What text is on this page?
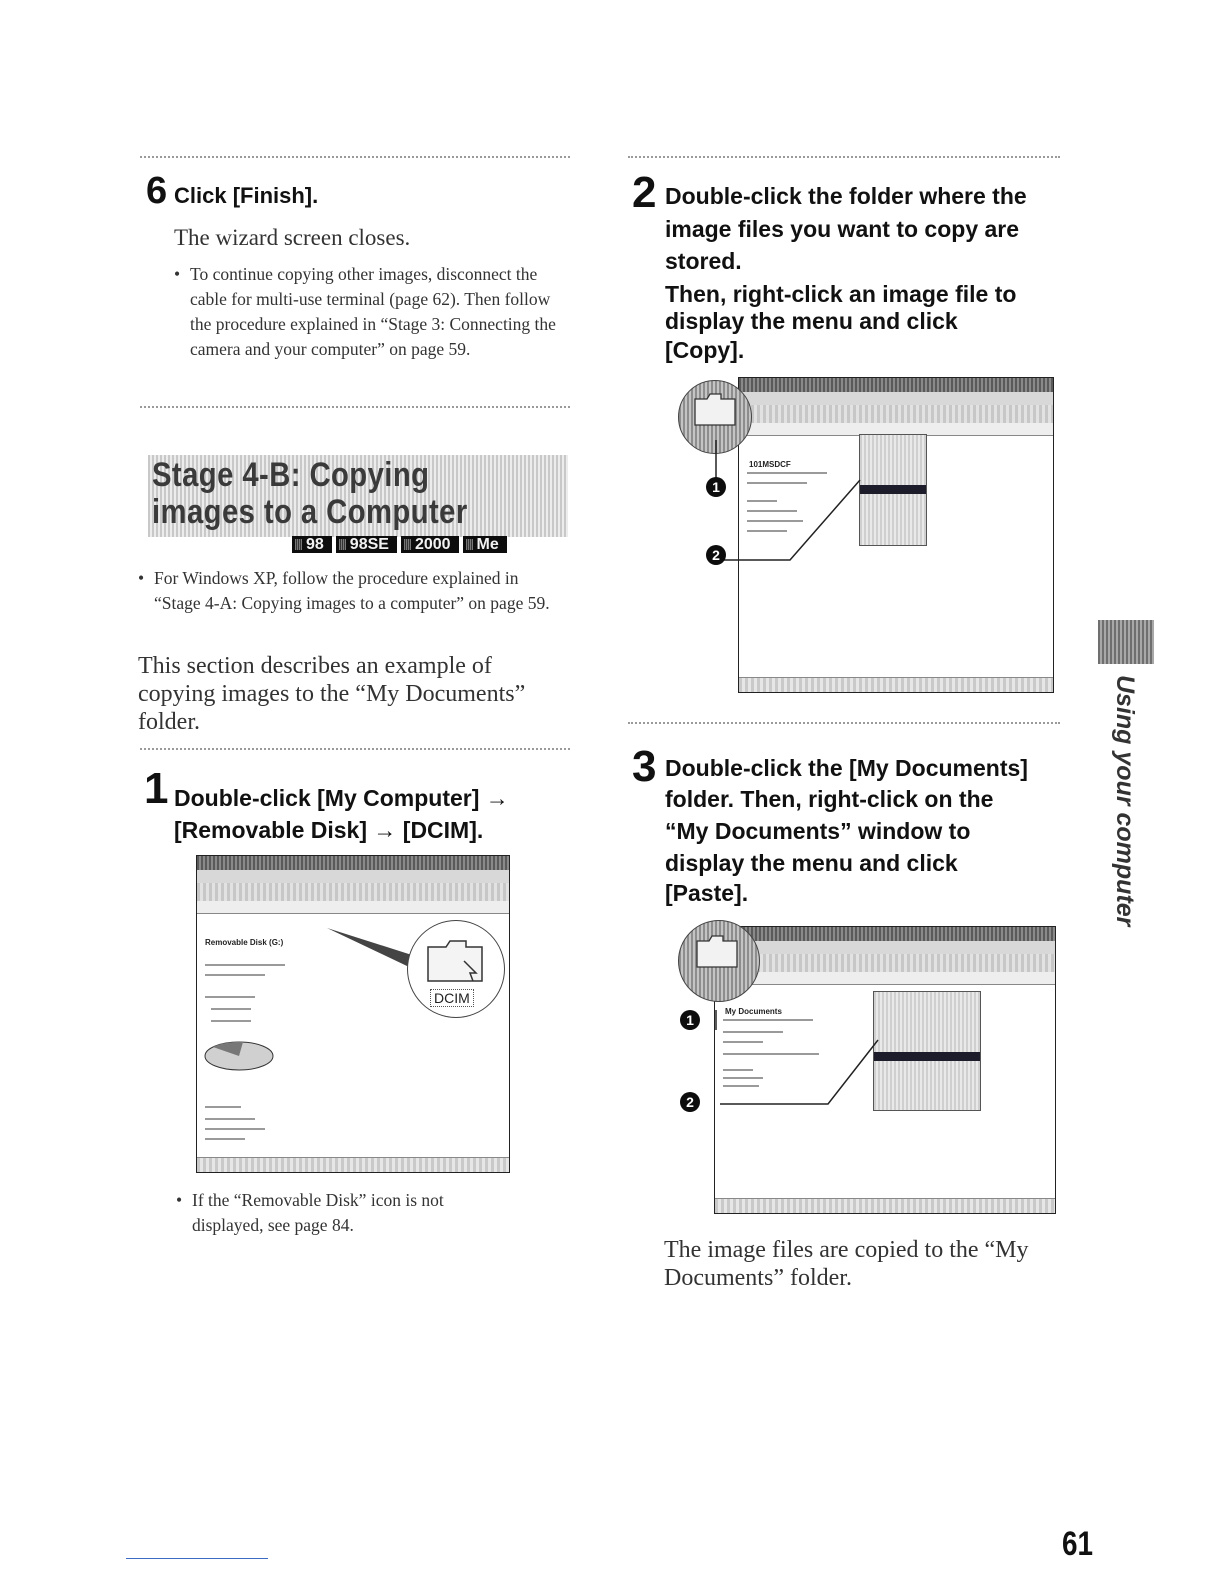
6 Click [Finish].
The wizard screen closes.
• To continue copying other images, disconnect the cable for multi-use terminal (page 62). Then follow the procedure explained in “Stage 3: Connecting the camera and your computer” on page 59.
Stage 4-B: Copying images to a Computer
98	98SE	2000	Me
• For Windows XP, follow the procedure explained in “Stage 4-A: Copying images to a computer” on page 59.
This section describes an example of copying images to the “My Documents” folder.
1 Double-click [My Computer] →
[Removable Disk] → [DCIM].
Removable Disk (G:)
DCIM
• If the “Removable Disk” icon is not displayed, see page 84.
2 Double-click the folder where the
image files you want to copy are
stored.
Then, right-click an image file to
display the menu and click
[Copy].
101MSDCF
1
2
3 Double-click the [My Documents]
folder. Then, right-click on the
“My Documents” window to
display the menu and click
[Paste].
My Documents
1
2
The image files are copied to the “My Documents” folder.
Using your computer
61
